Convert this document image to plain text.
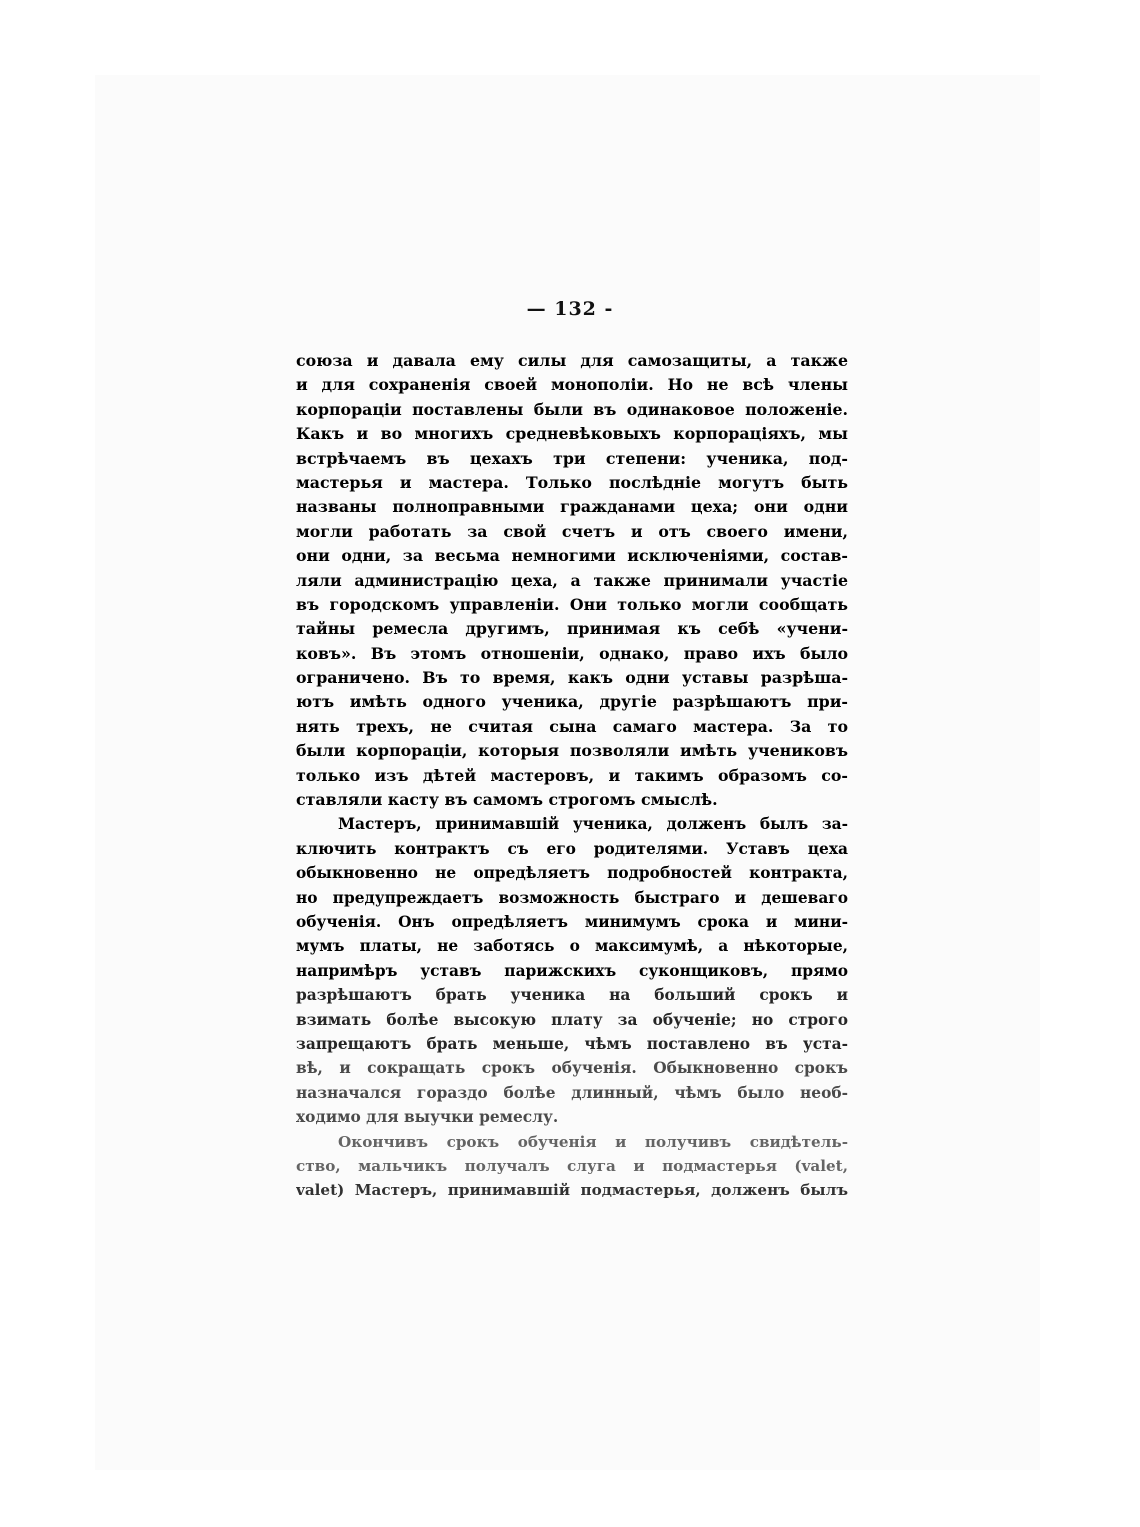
— 132 -
союза и давала ему силы для самозащиты, а также
и для сохраненія своей монополіи. Но не всѣ члены
корпораціи поставлены были въ одинаковое положеніе.
Какъ и во многихъ средневѣковыхъ корпораціяхъ, мы
встрѣчаемъ въ цехахъ три степени: ученика, под-
мастерья и мастера. Только послѣдніе могутъ быть
названы полноправными гражданами цеха; они одни
могли работать за свой счетъ и отъ своего имени,
они одни, за весьма немногими исключеніями, состав-
ляли администрацію цеха, а также принимали участіе
въ городскомъ управленіи. Они только могли сообщать
тайны ремесла другимъ, принимая къ себѣ «учени-
ковъ». Въ этомъ отношеніи, однако, право ихъ было
ограничено. Въ то время, какъ одни уставы разрѣша-
ютъ имѣть одного ученика, другіе разрѣшаютъ при-
нять трехъ, не считая сына самаго мастера. За то
были корпораціи, которыя позволяли имѣть учениковъ
только изъ дѣтей мастеровъ, и такимъ образомъ со-
ставляли касту въ самомъ строгомъ смыслѣ.
Мастеръ, принимавшій ученика, долженъ былъ за-
ключить контрактъ съ его родителями. Уставъ цеха
обыкновенно не опредѣляетъ подробностей контракта,
но предупреждаетъ возможность быстраго и дешеваго
обученія. Онъ опредѣляетъ минимумъ срока и мини-
мумъ платы, не заботясь о максимумѣ, а нѣкоторые,
напримѣръ уставъ парижскихъ суконщиковъ, прямо
разрѣшаютъ брать ученика на больший срокъ и
взимать болѣе высокую плату за обученіе; но строго
запрещаютъ брать меньше, чѣмъ поставлено въ уста-
вѣ, и сокращать срокъ обученія. Обыкновенно срокъ
назначался гораздо болѣе длинный, чѣмъ было необ-
ходимо для выучки ремеслу.
Окончивъ срокъ обученія и получивъ свидѣтель-
ство, мальчикъ получалъ слуга и подмастерья (valet,
valet) Мастеръ, принимавшій подмастерья, долженъ былъ
